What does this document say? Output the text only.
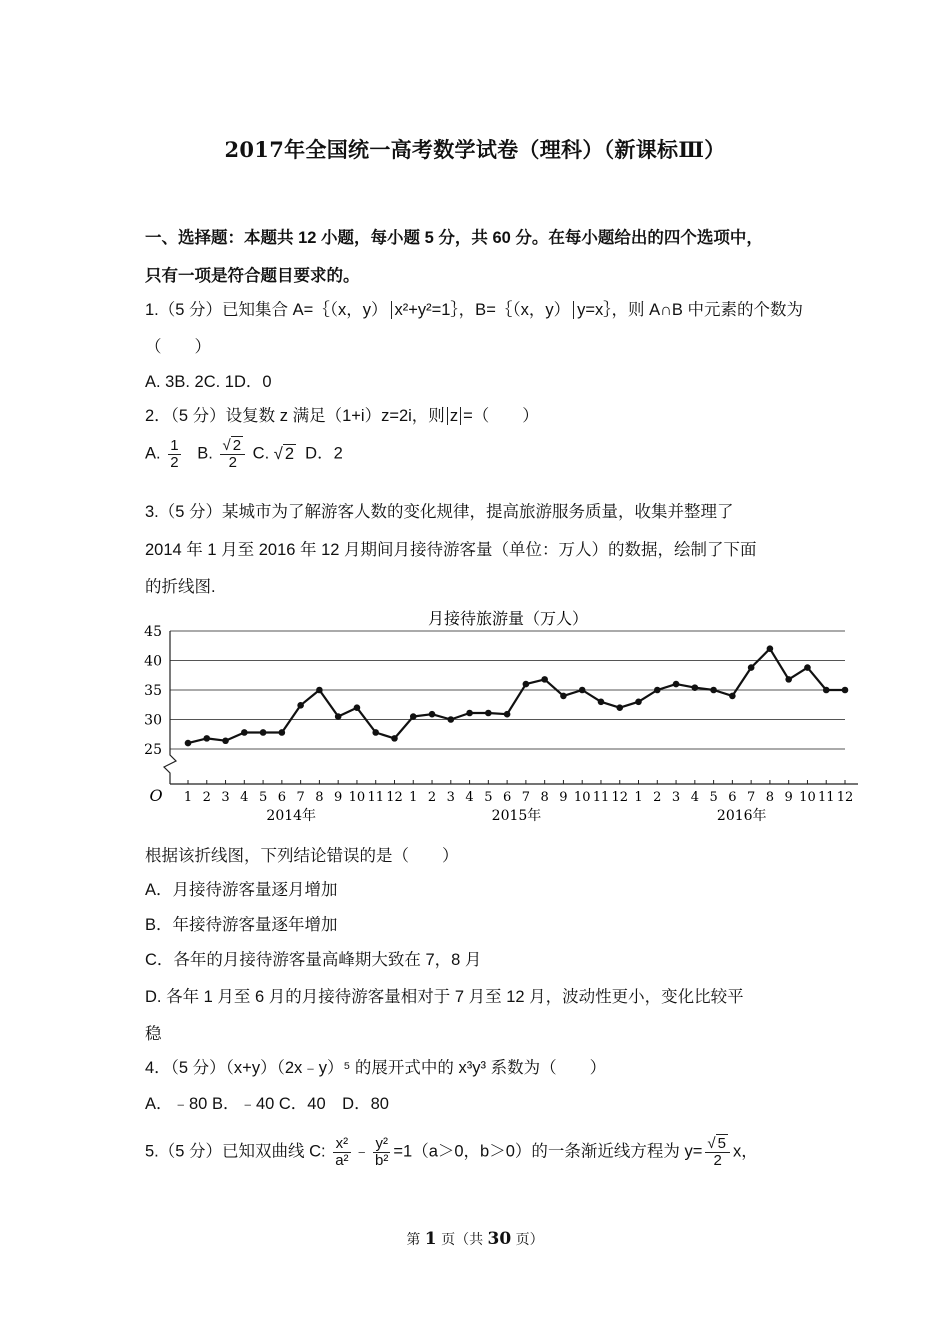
2017年全国统一高考数学试卷（理科）（新课标Ⅲ）
一、选择题：本题共 12 小题，每小题 5 分，共 60 分。在每小题给出的四个选项中，
只有一项是符合题目要求的。
1.（5 分）已知集合 A=｛（x，y） x²+y²=1｝，B=｛（x，y） y=x｝，则 A∩B 中元素的个数为
（　　）
A. 3B. 2C. 1D．0
2．（5 分）设复数 z 满足（1+i）z=2i，则 z =（　　）
A. $\frac{1}{2} B$. $\frac{√ 2}{2} C$. √ 2 D．2
3.（5 分）某城市为了解游客人数的变化规律，提高旅游服务质量，收集并整理了
2014 年 1 月至 2016 年 12 月期间月接待游客量（单位：万人）的数据，绘制了下面
的折线图.
月接待旅游量（万人）
25
30
35
40
45
O 1 2 3 4 5 6 7 8 9 10 11 12 1 2 3 4 5 6 7 8 9 10 11 12 1 2 3 4 5 6 7 8 9 10 11 12
2014年	2015年	2016年
根据该折线图，下列结论错误的是（　　）
A．月接待游客量逐月增加
B．年接待游客量逐年增加
C．各年的月接待游客量高峰期大致在 7，8 月
D. 各年 1 月至 6 月的月接待游客量相对于 7 月至 12 月，波动性更小，变化比较平
稳
4．（5 分）（x+y）（2x﹣y）⁵ 的展开式中的 x³y³ 系数为（　　）
A．﹣80 B．﹣40 C．40　D．80
5.（5 分）已知双曲线 C: $\frac{\text{x²}}{\text{a²}}$ ﹣ $\frac{\text{y²}}{\text{b²}} =1(a>0$，b＞0）的一条渐近线方程为 $y= \frac{√ 5}{2}$ x，
第 1 页（共 30 页）
